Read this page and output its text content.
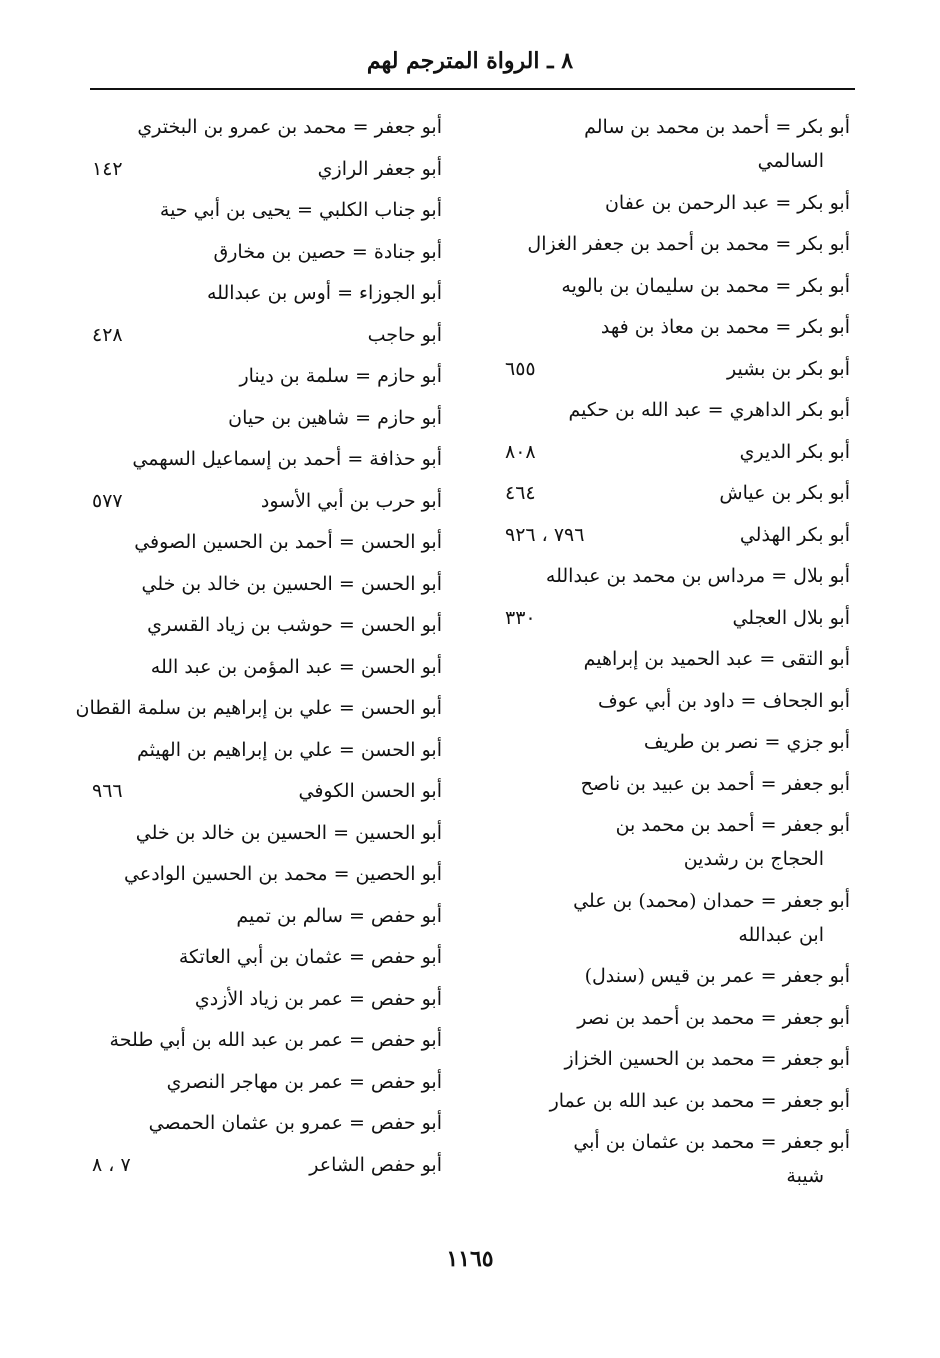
٨ ـ الرواة المترجم لهم
أبو بكر = أحمد بن محمد بن سالم
السالمي
أبو بكر = عبد الرحمن بن عفان
أبو بكر = محمد بن أحمد بن جعفر الغزال
أبو بكر = محمد بن سليمان بن بالويه
أبو بكر = محمد بن معاذ بن فهد
أبو بكر بن بشير
٦٥٥
أبو بكر الداهري = عبد الله بن حكيم
أبو بكر الديري
٨٠٨
أبو بكر بن عياش
٤٦٤
أبو بكر الهذلي
٧٩٦ ، ٩٢٦
أبو بلال = مرداس بن محمد بن عبدالله
أبو بلال العجلي
٣٣٠
أبو التقى = عبد الحميد بن إبراهيم
أبو الجحاف = داود بن أبي عوف
أبو جزي = نصر بن طريف
أبو جعفر = أحمد بن عبيد بن ناصح
أبو جعفر = أحمد بن محمد بن
الحجاج بن رشدين
أبو جعفر = حمدان (محمد) بن علي
ابن عبدالله
أبو جعفر = عمر بن قيس (سندل)
أبو جعفر = محمد بن أحمد بن نصر
أبو جعفر = محمد بن الحسين الخزاز
أبو جعفر = محمد بن عبد الله بن عمار
أبو جعفر = محمد بن عثمان بن أبي
شيبة
أبو جعفر = محمد بن عمرو بن البختري
أبو جعفر الرازي
١٤٢
أبو جناب الكلبي = يحيى بن أبي حية
أبو جنادة = حصين بن مخارق
أبو الجوزاء = أوس بن عبدالله
أبو حاجب
٤٢٨
أبو حازم = سلمة بن دينار
أبو حازم = شاهين بن حيان
أبو حذافة = أحمد بن إسماعيل السهمي
أبو حرب بن أبي الأسود
٥٧٧
أبو الحسن = أحمد بن الحسين الصوفي
أبو الحسن = الحسين بن خالد بن خلي
أبو الحسن = حوشب بن زياد القسري
أبو الحسن = عبد المؤمن بن عبد الله
أبو الحسن = علي بن إبراهيم بن سلمة القطان
أبو الحسن = علي بن إبراهيم بن الهيثم
أبو الحسن الكوفي
٩٦٦
أبو الحسين = الحسين بن خالد بن خلي
أبو الحصين = محمد بن الحسين الوادعي
أبو حفص = سالم بن تميم
أبو حفص = عثمان بن أبي العاتكة
أبو حفص = عمر بن زياد الأزدي
أبو حفص = عمر بن عبد الله بن أبي طلحة
أبو حفص = عمر بن مهاجر النصري
أبو حفص = عمرو بن عثمان الحمصي
أبو حفص الشاعر
٧ ، ٨
١١٦٥
